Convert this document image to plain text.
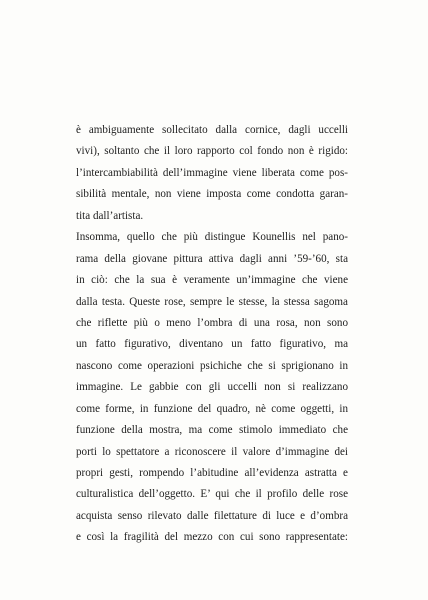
è ambiguamente sollecitato dalla cornice, dagli uccelli
vivi), soltanto che il loro rapporto col fondo non è rigido:
l’intercambiabilità dell’immagine viene liberata come pos-
sibilità mentale, non viene imposta come condotta garan-
tita dall’artista.
Insomma, quello che più distingue Kounellis nel pano-
rama della giovane pittura attiva dagli anni ’59-’60, sta
in ciò: che la sua è veramente un’immagine che viene
dalla testa. Queste rose, sempre le stesse, la stessa sagoma
che riflette più o meno l’ombra di una rosa, non sono
un fatto figurativo, diventano un fatto figurativo, ma
nascono come operazioni psichiche che si sprigionano in
immagine. Le gabbie con gli uccelli non si realizzano
come forme, in funzione del quadro, nè come oggetti, in
funzione della mostra, ma come stimolo immediato che
porti lo spettatore a riconoscere il valore d’immagine dei
propri gesti, rompendo l’abitudine all’evidenza astratta e
culturalistica dell’oggetto. E’ qui che il profilo delle rose
acquista senso rilevato dalle filettature di luce e d’ombra
e così la fragilità del mezzo con cui sono rappresentate:
